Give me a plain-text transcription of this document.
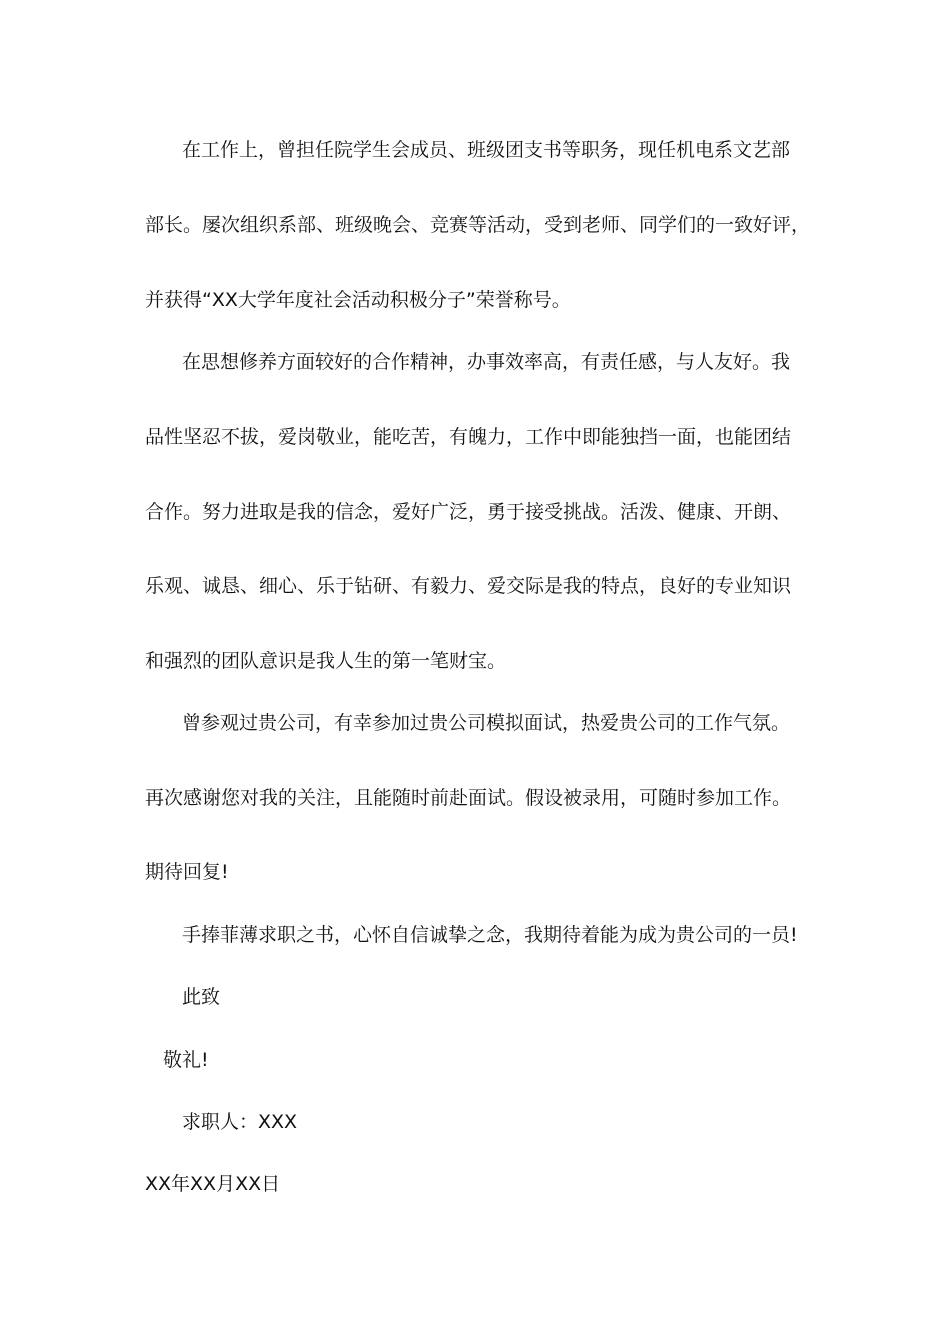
在工作上，曾担任院学生会成员、班级团支书等职务，现任机电系文艺部

部长。屡次组织系部、班级晚会、竞赛等活动，受到老师、同学们的一致好评，

并获得“XX大学年度社会活动积极分子”荣誉称号。

在思想修养方面较好的合作精神，办事效率高，有责任感，与人友好。我

品性坚忍不拔，爱岗敬业，能吃苦，有魄力，工作中即能独挡一面，也能团结

合作。努力进取是我的信念，爱好广泛，勇于接受挑战。活泼、健康、开朗、

乐观、诚恳、细心、乐于钻研、有毅力、爱交际是我的特点，良好的专业知识

和强烈的团队意识是我人生的第一笔财宝。

曾参观过贵公司，有幸参加过贵公司模拟面试，热爱贵公司的工作气氛。

再次感谢您对我的关注，且能随时前赴面试。假设被录用，可随时参加工作。

期待回复!

手捧菲薄求职之书，心怀自信诚挚之念，我期待着能为成为贵公司的一员!

此致

敬礼!

求职人：XXX

XX年XX月XX日
